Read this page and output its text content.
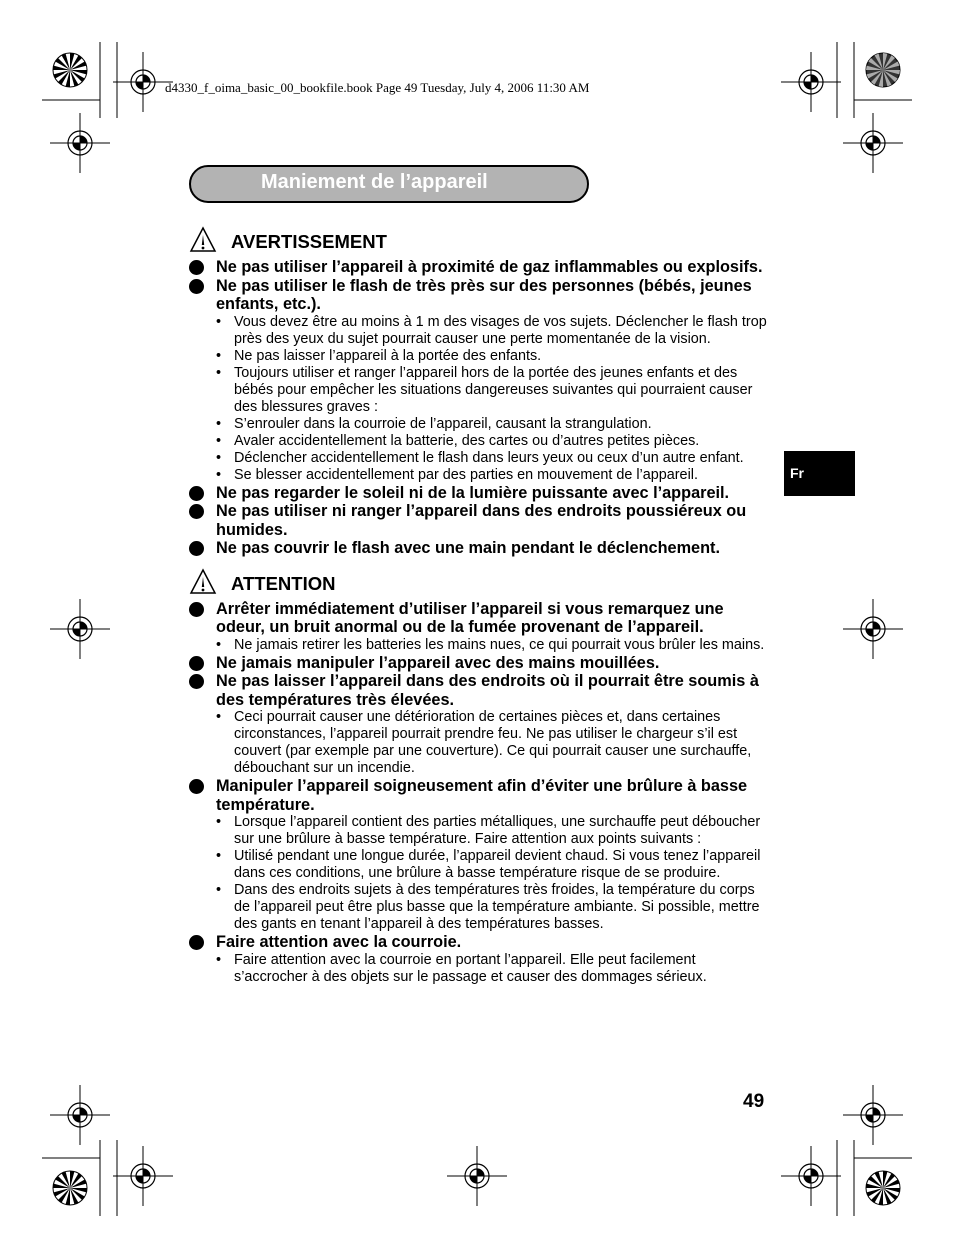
d4330_f_oima_basic_00_bookfile.book Page 49 Tuesday, July 4, 2006 11:30 AM
Maniement de l’appareil
Fr
AVERTISSEMENT
Ne pas utiliser l’appareil à proximité de gaz inflammables ou explosifs.
Ne pas utiliser le flash de très près sur des personnes (bébés, jeunes enfants, etc.).
• Vous devez être au moins à 1 m des visages de vos sujets. Déclencher le flash trop près des yeux du sujet pourrait causer une perte momentanée de la vision.
• Ne pas laisser l’appareil à la portée des enfants.
• Toujours utiliser et ranger l’appareil hors de la portée des jeunes enfants et des bébés pour empêcher les situations dangereuses suivantes qui pourraient causer des blessures graves :
• S’enrouler dans la courroie de l’appareil, causant la strangulation.
• Avaler accidentellement la batterie, des cartes ou d’autres petites pièces.
• Déclencher accidentellement le flash dans leurs yeux ou ceux d’un autre enfant.
• Se blesser accidentellement par des parties en mouvement de l’appareil.
Ne pas regarder le soleil ni de la lumière puissante avec l’appareil.
Ne pas utiliser ni ranger l’appareil dans des endroits poussiéreux ou humides.
Ne pas couvrir le flash avec une main pendant le déclenchement.
ATTENTION
Arrêter immédiatement d’utiliser l’appareil si vous remarquez une odeur, un bruit anormal ou de la fumée provenant de l’appareil.
• Ne jamais retirer les batteries les mains nues, ce qui pourrait vous brûler les mains.
Ne jamais manipuler l’appareil avec des mains mouillées.
Ne pas laisser l’appareil dans des endroits où il pourrait être soumis à des températures très élevées.
• Ceci pourrait causer une détérioration de certaines pièces et, dans certaines circonstances, l’appareil pourrait prendre feu. Ne pas utiliser le chargeur s’il est couvert (par exemple par une couverture). Ce qui pourrait causer une surchauffe, débouchant sur un incendie.
Manipuler l’appareil soigneusement afin d’éviter une brûlure à basse température.
• Lorsque l’appareil contient des parties métalliques, une surchauffe peut déboucher sur une brûlure à basse température. Faire attention aux points suivants :
• Utilisé pendant une longue durée, l’appareil devient chaud. Si vous tenez l’appareil dans ces conditions, une brûlure à basse température risque de se produire.
• Dans des endroits sujets à des températures très froides, la température du corps de l’appareil peut être plus basse que la température ambiante. Si possible, mettre des gants en tenant l’appareil à des températures basses.
Faire attention avec la courroie.
• Faire attention avec la courroie en portant l’appareil. Elle peut facilement s’accrocher à des objets sur le passage et causer des dommages sérieux.
49
